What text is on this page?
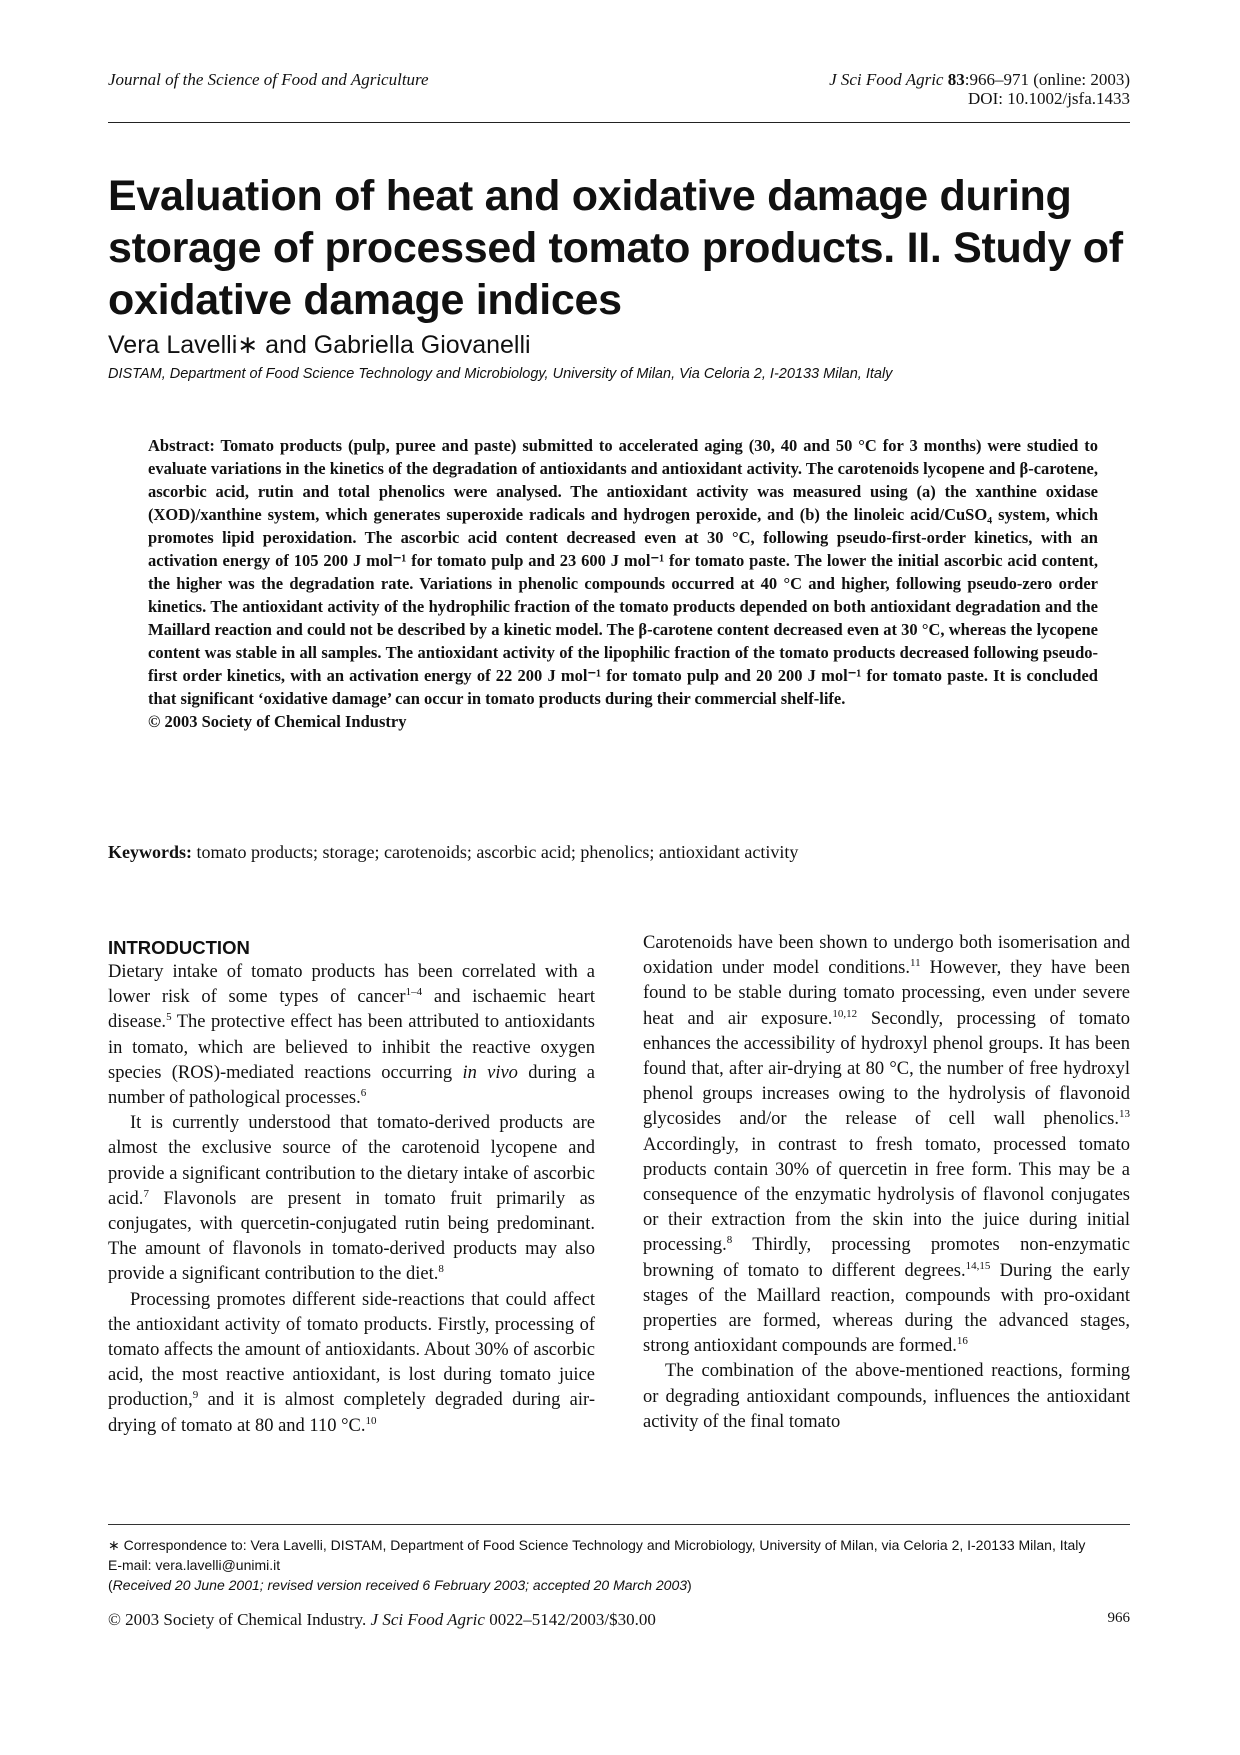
Journal of the Science of Food and Agriculture	J Sci Food Agric 83:966–971 (online: 2003)
DOI: 10.1002/jsfa.1433
Evaluation of heat and oxidative damage during storage of processed tomato products. II. Study of oxidative damage indices
Vera Lavelli∗ and Gabriella Giovanelli
DISTAM, Department of Food Science Technology and Microbiology, University of Milan, Via Celoria 2, I-20133 Milan, Italy

Abstract: Tomato products (pulp, puree and paste) submitted to accelerated aging (30, 40 and 50 °C for 3 months) were studied to evaluate variations in the kinetics of the degradation of antioxidants and antioxidant activity. The carotenoids lycopene and β-carotene, ascorbic acid, rutin and total phenolics were analysed. The antioxidant activity was measured using (a) the xanthine oxidase (XOD)/xanthine system, which generates superoxide radicals and hydrogen peroxide, and (b) the linoleic acid/CuSO₄ system, which promotes lipid peroxidation. The ascorbic acid content decreased even at 30 °C, following pseudo-first-order kinetics, with an activation energy of 105 200 J mol⁻¹ for tomato pulp and 23 600 J mol⁻¹ for tomato paste. The lower the initial ascorbic acid content, the higher was the degradation rate. Variations in phenolic compounds occurred at 40 °C and higher, following pseudo-zero order kinetics. The antioxidant activity of the hydrophilic fraction of the tomato products depended on both antioxidant degradation and the Maillard reaction and could not be described by a kinetic model. The β-carotene content decreased even at 30 °C, whereas the lycopene content was stable in all samples. The antioxidant activity of the lipophilic fraction of the tomato products decreased following pseudo-first order kinetics, with an activation energy of 22 200 J mol⁻¹ for tomato pulp and 20 200 J mol⁻¹ for tomato paste. It is concluded that significant ‘oxidative damage’ can occur in tomato products during their commercial shelf-life.

© 2003 Society of Chemical Industry

Keywords: tomato products; storage; carotenoids; ascorbic acid; phenolics; antioxidant activity
INTRODUCTION

Dietary intake of tomato products has been correlated with a lower risk of some types of cancer$^{1-4}$ and ischaemic heart disease.$^5$ The protective effect has been attributed to antioxidants in tomato, which are believed to inhibit the reactive oxygen species (ROS)-mediated reactions occurring in vivo during a number of pathological processes.$^6$

It is currently understood that tomato-derived products are almost the exclusive source of the carotenoid lycopene and provide a significant contribution to the dietary intake of ascorbic acid.$^7$ Flavonols are present in tomato fruit primarily as conjugates, with quercetin-conjugated rutin being predominant. The amount of flavonols in tomato-derived products may also provide a significant contribution to the diet.$^8$

Processing promotes different side-reactions that could affect the antioxidant activity of tomato products. Firstly, processing of tomato affects the amount of antioxidants. About 30% of ascorbic acid, the most reactive antioxidant, is lost during tomato juice production,$^9$ and it is almost completely degraded during air-drying of tomato at 80 and 110 °C.$^{10}$

Carotenoids have been shown to undergo both isomerisation and oxidation under model conditions.$^{11}$ However, they have been found to be stable during tomato processing, even under severe heat and air exposure.$^{10,12}$ Secondly, processing of tomato enhances the accessibility of hydroxyl phenol groups. It has been found that, after air-drying at 80 °C, the number of free hydroxyl phenol groups increases owing to the hydrolysis of flavonoid glycosides and/or the release of cell wall phenolics.$^{13}$ Accordingly, in contrast to fresh tomato, processed tomato products contain 30% of quercetin in free form. This may be a consequence of the enzymatic hydrolysis of flavonol conjugates or their extraction from the skin into the juice during initial processing.$^8$ Thirdly, processing promotes non-enzymatic browning of tomato to different degrees.$^{14,15}$ During the early stages of the Maillard reaction, compounds with pro-oxidant properties are formed, whereas during the advanced stages, strong antioxidant compounds are formed.$^{16}$

The combination of the above-mentioned reactions, forming or degrading antioxidant compounds, influences the antioxidant activity of the final tomato

∗ Correspondence to: Vera Lavelli, DISTAM, Department of Food Science Technology and Microbiology, University of Milan, via Celoria 2, I-20133 Milan, Italy

E-mail: vera.lavelli@unimi.it

(Received 20 June 2001; revised version received 6 February 2003; accepted 20 March 2003)

© 2003 Society of Chemical Industry. J Sci Food Agric 0022–5142/2003/$30.00	966
